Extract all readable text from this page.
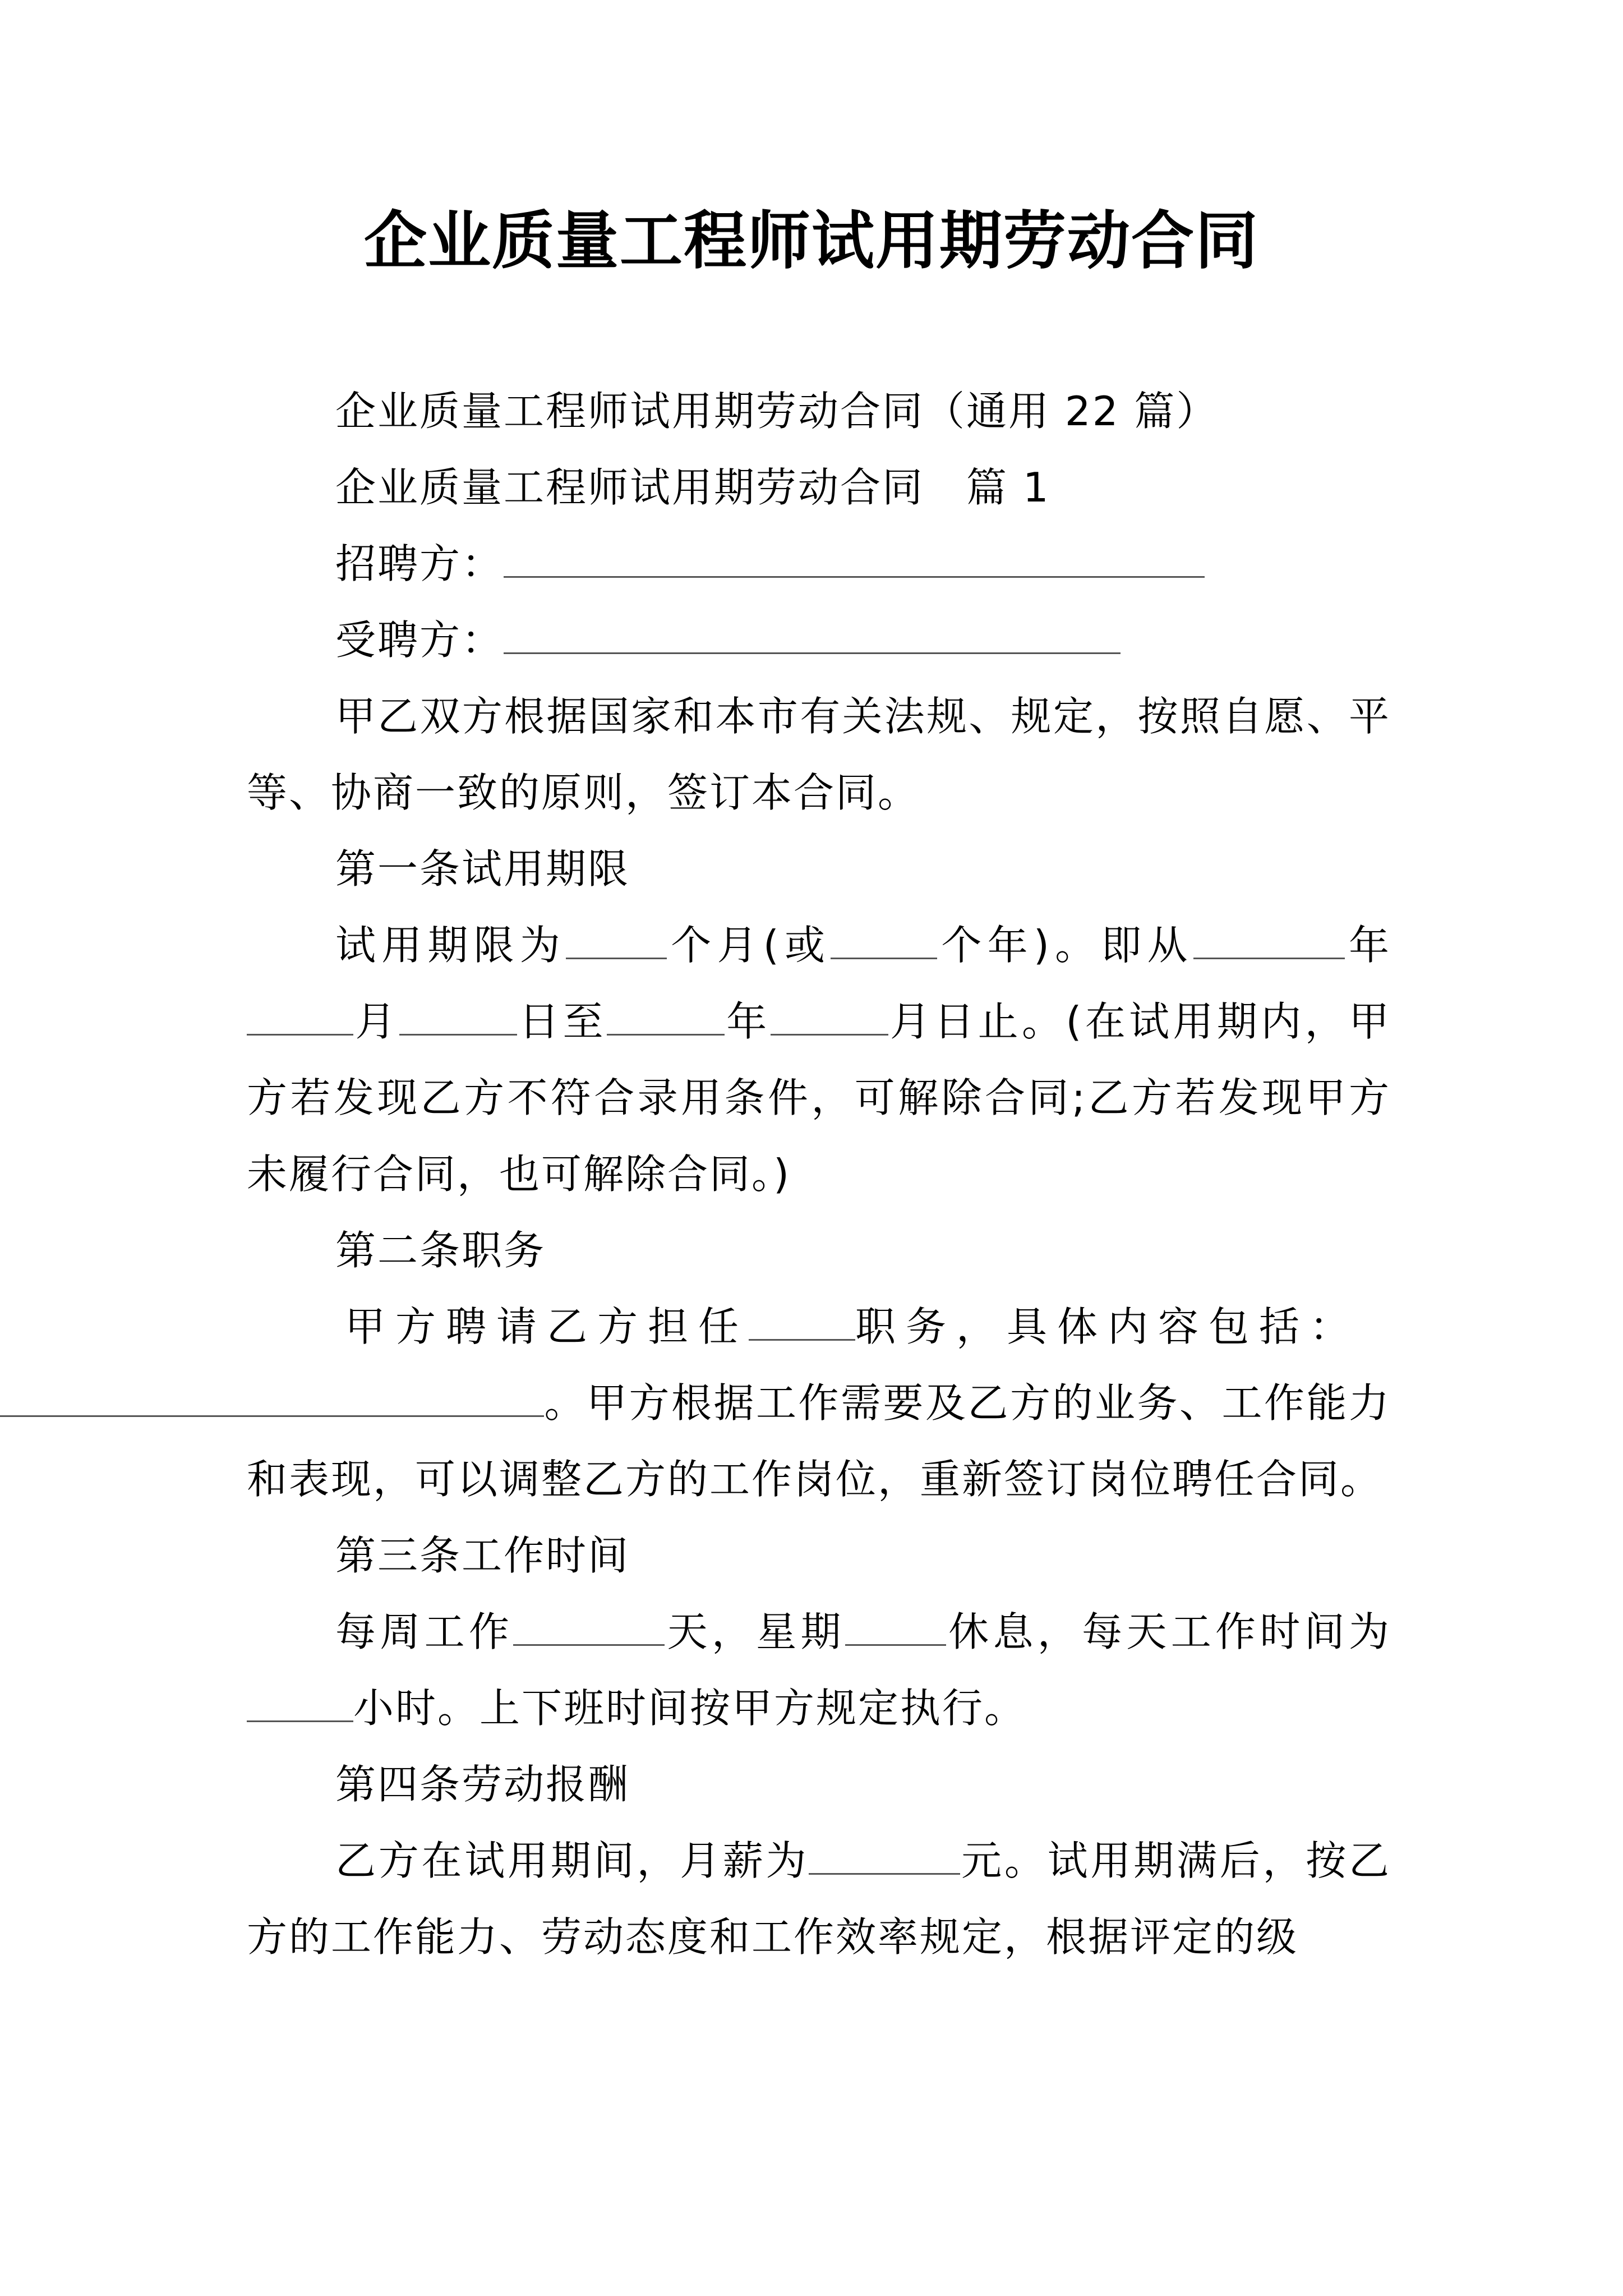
企业质量工程师试用期劳动合同

企业质量工程师试用期劳动合同（通用 22 篇）

企业质量工程师试用期劳动合同　篇 1

招聘方：

受聘方：

甲乙双方根据国家和本市有关法规、规定，按照自愿、平等、协商一致的原则，签订本合同。

第一条试用期限

试用期限为	个月(或	个年)。即从	年月	日至	年	月日止。(在试用期内，甲方若发现乙方不符合录用条件，可解除合同;乙方若发现甲方未履行合同，也可解除合同。)

第二条职务

甲方聘请乙方担任	职务，具体内容包括：

。甲方根据工作需要及乙方的业务、工作能力和表现，可以调整乙方的工作岗位，重新签订岗位聘任合同。

第三条工作时间

每周工作	天，星期	休息，每天工作时间为小时。上下班时间按甲方规定执行。

第四条劳动报酬

乙方在试用期间，月薪为	元。试用期满后，按乙方的工作能力、劳动态度和工作效率规定，根据评定的级
